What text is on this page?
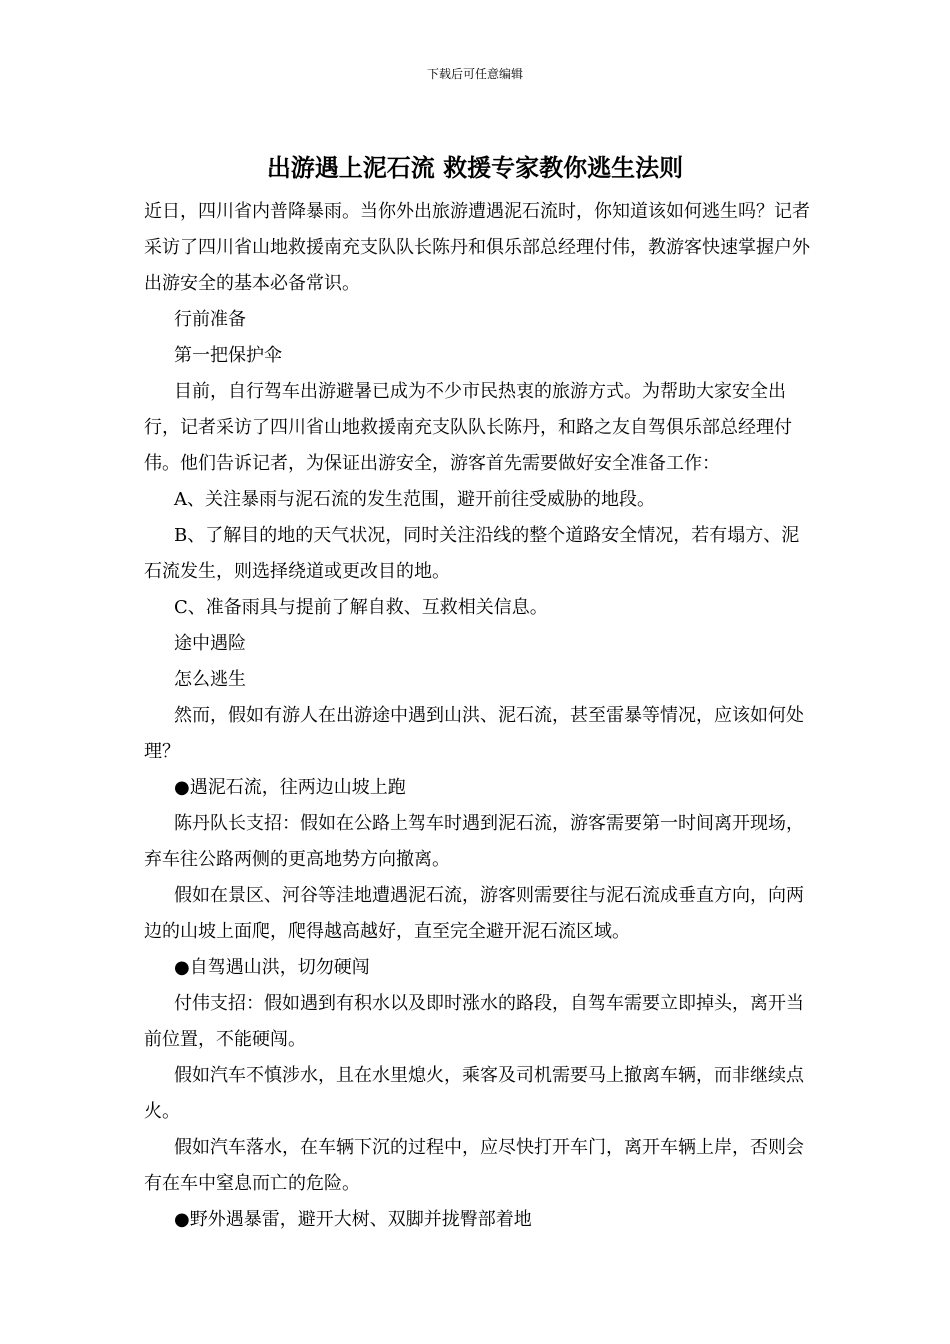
下载后可任意编辑
出游遇上泥石流 救援专家教你逃生法则

近日，四川省内普降暴雨。当你外出旅游遭遇泥石流时，你知道该如何逃生吗？记者采访了四川省山地救援南充支队队长陈丹和俱乐部总经理付伟，教游客快速掌握户外出游安全的基本必备常识。

行前准备

第一把保护伞

目前，自行驾车出游避暑已成为不少市民热衷的旅游方式。为帮助大家安全出行，记者采访了四川省山地救援南充支队队长陈丹，和路之友自驾俱乐部总经理付伟。他们告诉记者，为保证出游安全，游客首先需要做好安全准备工作：

A、关注暴雨与泥石流的发生范围，避开前往受威胁的地段。

B、了解目的地的天气状况，同时关注沿线的整个道路安全情况，若有塌方、泥石流发生，则选择绕道或更改目的地。

C、准备雨具与提前了解自救、互救相关信息。

途中遇险

怎么逃生

然而，假如有游人在出游途中遇到山洪、泥石流，甚至雷暴等情况，应该如何处理？

●遇泥石流，往两边山坡上跑

陈丹队长支招：假如在公路上驾车时遇到泥石流，游客需要第一时间离开现场，弃车往公路两侧的更高地势方向撤离。

假如在景区、河谷等洼地遭遇泥石流，游客则需要往与泥石流成垂直方向，向两边的山坡上面爬，爬得越高越好，直至完全避开泥石流区域。

●自驾遇山洪，切勿硬闯

付伟支招：假如遇到有积水以及即时涨水的路段，自驾车需要立即掉头，离开当前位置，不能硬闯。

假如汽车不慎涉水，且在水里熄火，乘客及司机需要马上撤离车辆，而非继续点火。

假如汽车落水，在车辆下沉的过程中，应尽快打开车门，离开车辆上岸，否则会有在车中窒息而亡的危险。

●野外遇暴雷，避开大树、双脚并拢臀部着地
